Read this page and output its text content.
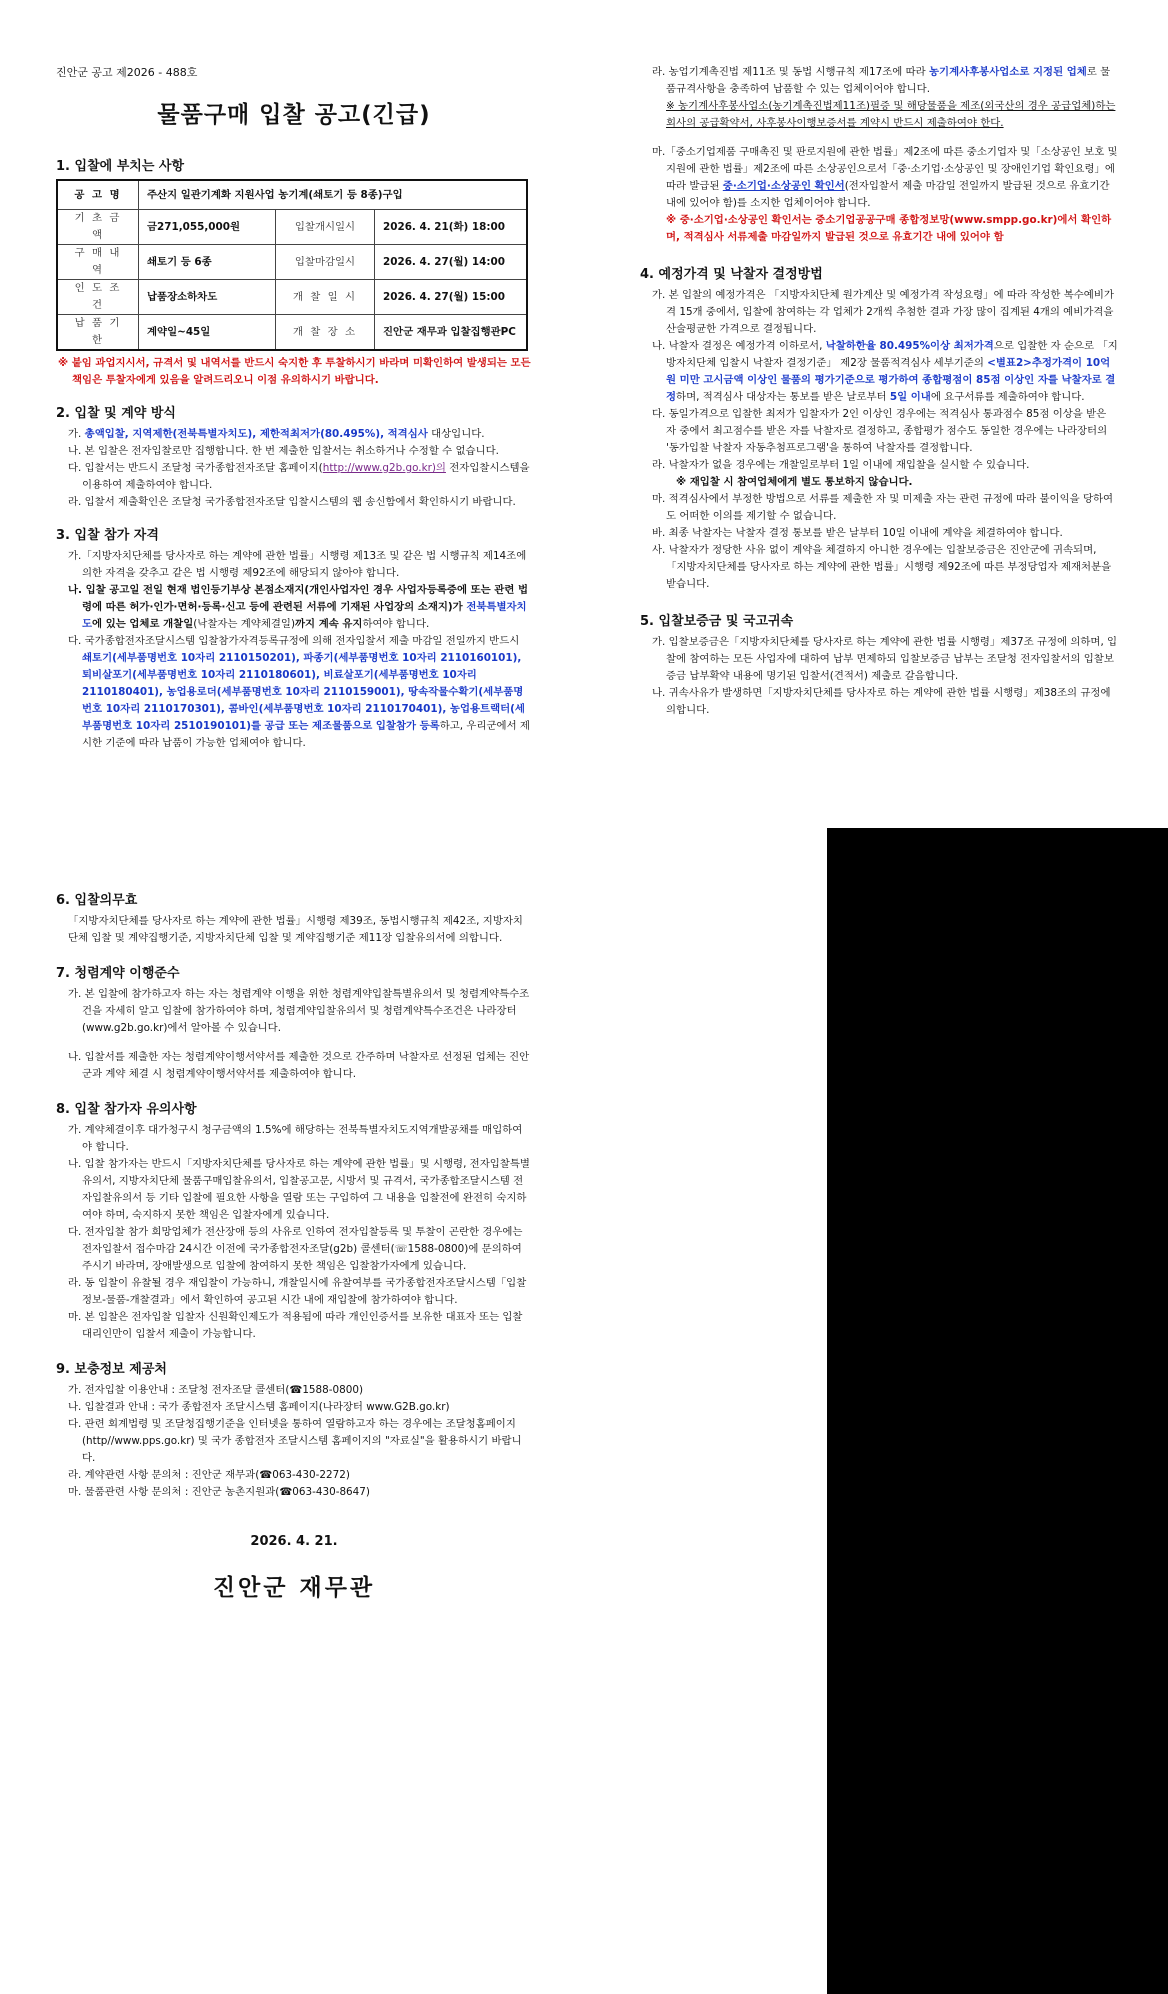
진안군 공고 제2026 - 488호
물품구매 입찰 공고(긴급)
1. 입찰에 부치는 사항
공 고 명	주산지 일관기계화 지원사업 농기계(쇄토기 등 8종)구입		
기 초 금 액	금271,055,000원	입찰개시일시	2026. 4. 21(화) 18:00
구 매 내 역	쇄토기 등 6종	입찰마감일시	2026. 4. 27(월) 14:00
인 도 조 건	납품장소하차도	개 찰 일 시	2026. 4. 27(월) 15:00
납 품 기 한	계약일~45일	개 찰 장 소	진안군 재무과 입찰집행관PC
※ 붙임 과업지시서, 규격서 및 내역서를 반드시 숙지한 후 투찰하시기 바라며 미확인하여 발생되는 모든 책임은 투찰자에게 있음을 알려드리오니 이점 유의하시기 바랍니다.
2. 입찰 및 계약 방식
가. 총액입찰, 지역제한(전북특별자치도), 제한적최저가(80.495%), 적격심사 대상입니다.
나. 본 입찰은 전자입찰로만 집행합니다. 한 번 제출한 입찰서는 취소하거나 수정할 수 없습니다.
다. 입찰서는 반드시 조달청 국가종합전자조달 홈페이지(http://www.g2b.go.kr)의 전자입찰시스템을 이용하여 제출하여야 합니다.
라. 입찰서 제출확인은 조달청 국가종합전자조달 입찰시스템의 웹 송신함에서 확인하시기 바랍니다.
3. 입찰 참가 자격
가.「지방자치단체를 당사자로 하는 계약에 관한 법률」시행령 제13조 및 같은 법 시행규칙 제14조에 의한 자격을 갖추고 같은 법 시행령 제92조에 해당되지 않아야 합니다.
나. 입찰 공고일 전일 현재 법인등기부상 본점소재지(개인사업자인 경우 사업자등록증에 또는 관련 법령에 따른 허가·인가·면허·등록·신고 등에 관련된 서류에 기재된 사업장의 소재지)가 전북특별자치도에 있는 업체로 개찰일(낙찰자는 계약체결일)까지 계속 유지하여야 합니다.
다. 국가종합전자조달시스템 입찰참가자격등록규정에 의해 전자입찰서 제출 마감일 전일까지 반드시 쇄토기(세부품명번호 10자리 2110150201), 파종기(세부품명번호 10자리 2110160101), 퇴비살포기(세부품명번호 10자리 2110180601), 비료살포기(세부품명번호 10자리 2110180401), 농업용로더(세부품명번호 10자리 2110159001), 땅속작물수확기(세부품명번호 10자리 2110170301), 콤바인(세부품명번호 10자리 2110170401), 농업용트랙터(세부품명번호 10자리 2510190101)를 공급 또는 제조물품으로 입찰참가 등록하고, 우리군에서 제시한 기준에 따라 납품이 가능한 업체여야 합니다.
라. 농업기계촉진법 제11조 및 동법 시행규칙 제17조에 따라 농기계사후봉사업소로 지정된 업체로 물품규격사항을 충족하여 납품할 수 있는 업체이어야 합니다.
※ 농기계사후봉사업소(농기계촉진법제11조)필증 및 해당물품을 제조(외국산의 경우 공급업체)하는 회사의 공급확약서, 사후봉사이행보증서를 계약시 반드시 제출하여야 한다.
마.「중소기업제품 구매촉진 및 판로지원에 관한 법률」제2조에 따른 중소기업자 및「소상공인 보호 및 지원에 관한 법률」제2조에 따른 소상공인으로서「중·소기업·소상공인 및 장애인기업 확인요령」에 따라 발급된 중·소기업·소상공인 확인서(전자입찰서 제출 마감일 전일까지 발급된 것으로 유효기간 내에 있어야 함)를 소지한 업체이어야 합니다.
※ 중·소기업·소상공인 확인서는 중소기업공공구매 종합정보망(www.smpp.go.kr)에서 확인하며, 적격심사 서류제출 마감일까지 발급된 것으로 유효기간 내에 있어야 함
4. 예정가격 및 낙찰자 결정방법
가. 본 입찰의 예정가격은 「지방자치단체 원가계산 및 예정가격 작성요령」에 따라 작성한 복수예비가격 15개 중에서, 입찰에 참여하는 각 업체가 2개씩 추첨한 결과 가장 많이 집계된 4개의 예비가격을 산술평균한 가격으로 결정됩니다.
나. 낙찰자 결정은 예정가격 이하로서, 낙찰하한율 80.495%이상 최저가격으로 입찰한 자 순으로 「지방자치단체 입찰시 낙찰자 결정기준」 제2장 물품적격심사 세부기준의 <별표2>추정가격이 10억원 미만 고시금액 이상인 물품의 평가기준으로 평가하여 종합평점이 85점 이상인 자를 낙찰자로 결정하며, 적격심사 대상자는 통보를 받은 날로부터 5일 이내에 요구서류를 제출하여야 합니다.
다. 동일가격으로 입찰한 최저가 입찰자가 2인 이상인 경우에는 적격심사 통과점수 85점 이상을 받은 자 중에서 최고점수를 받은 자를 낙찰자로 결정하고, 종합평가 점수도 동일한 경우에는 나라장터의 '동가입찰 낙찰자 자동추첨프로그램'을 통하여 낙찰자를 결정합니다.
라. 낙찰자가 없을 경우에는 개찰일로부터 1일 이내에 재입찰을 실시할 수 있습니다.
※ 재입찰 시 참여업체에게 별도 통보하지 않습니다.
마. 적격심사에서 부정한 방법으로 서류를 제출한 자 및 미제출 자는 관련 규정에 따라 불이익을 당하여도 어떠한 이의를 제기할 수 없습니다.
바. 최종 낙찰자는 낙찰자 결정 통보를 받은 날부터 10일 이내에 계약을 체결하여야 합니다.
사. 낙찰자가 정당한 사유 없이 계약을 체결하지 아니한 경우에는 입찰보증금은 진안군에 귀속되며, 「지방자치단체를 당사자로 하는 계약에 관한 법률」시행령 제92조에 따른 부정당업자 제재처분을 받습니다.
5. 입찰보증금 및 국고귀속
가. 입찰보증금은「지방자치단체를 당사자로 하는 계약에 관한 법률 시행령」제37조 규정에 의하며, 입찰에 참여하는 모든 사업자에 대하여 납부 면제하되 입찰보증금 납부는 조달청 전자입찰서의 입찰보증금 납부확약 내용에 명기된 입찰서(견적서) 제출로 갈음합니다.
나. 귀속사유가 발생하면「지방자치단체를 당사자로 하는 계약에 관한 법률 시행령」제38조의 규정에 의합니다.
6. 입찰의무효
「지방자치단체를 당사자로 하는 계약에 관한 법률」시행령 제39조, 동법시행규칙 제42조, 지방자치단체 입찰 및 계약집행기준, 지방자치단체 입찰 및 계약집행기준 제11장 입찰유의서에 의합니다.
7. 청렴계약 이행준수
가. 본 입찰에 참가하고자 하는 자는 청렴계약 이행을 위한 청렴계약입찰특별유의서 및 청렴계약특수조건을 자세히 알고 입찰에 참가하여야 하며, 청렴계약입찰유의서 및 청렴계약특수조건은 나라장터(www.g2b.go.kr)에서 알아볼 수 있습니다.
나. 입찰서를 제출한 자는 청렴계약이행서약서를 제출한 것으로 간주하며 낙찰자로 선정된 업체는 진안군과 계약 체결 시 청렴계약이행서약서를 제출하여야 합니다.
8. 입찰 참가자 유의사항
가. 계약체결이후 대가청구시 청구금액의 1.5%에 해당하는 전북특별자치도지역개발공채를 매입하여야 합니다.
나. 입찰 참가자는 반드시「지방자치단체를 당사자로 하는 계약에 관한 법률」및 시행령, 전자입찰특별유의서, 지방자치단체 물품구매입찰유의서, 입찰공고문, 시방서 및 규격서, 국가종합조달시스템 전자입찰유의서 등 기타 입찰에 필요한 사항을 열람 또는 구입하여 그 내용을 입찰전에 완전히 숙지하여야 하며, 숙지하지 못한 책임은 입찰자에게 있습니다.
다. 전자입찰 참가 희망업체가 전산장애 등의 사유로 인하여 전자입찰등록 및 투찰이 곤란한 경우에는 전자입찰서 접수마감 24시간 이전에 국가종합전자조달(g2b) 콜센터(☏1588-0800)에 문의하여 주시기 바라며, 장애발생으로 입찰에 참여하지 못한 책임은 입찰참가자에게 있습니다.
라. 동 입찰이 유찰될 경우 재입찰이 가능하니, 개찰일시에 유찰여부를 국가종합전자조달시스템「입찰정보-물품-개찰결과」에서 확인하여 공고된 시간 내에 재입찰에 참가하여야 합니다.
마. 본 입찰은 전자입찰 입찰자 신원확인제도가 적용됨에 따라 개인인증서를 보유한 대표자 또는 입찰대리인만이 입찰서 제출이 가능합니다.
9. 보충정보 제공처
가. 전자입찰 이용안내 : 조달청 전자조달 콜센터(☎1588-0800)
나. 입찰결과 안내 : 국가 종합전자 조달시스템 홈페이지(나라장터 www.G2B.go.kr)
다. 관련 회계법령 및 조달청집행기준을 인터넷을 통하여 열람하고자 하는 경우에는 조달청홈페이지(http//www.pps.go.kr) 및 국가 종합전자 조달시스템 홈페이지의 "자료실"을 활용하시기 바랍니다.
라. 계약관련 사항 문의처 : 진안군 재무과(☎063-430-2272)
마. 물품관련 사항 문의처 : 진안군 농촌지원과(☎063-430-8647)
2026. 4. 21.
진안군 재무관
